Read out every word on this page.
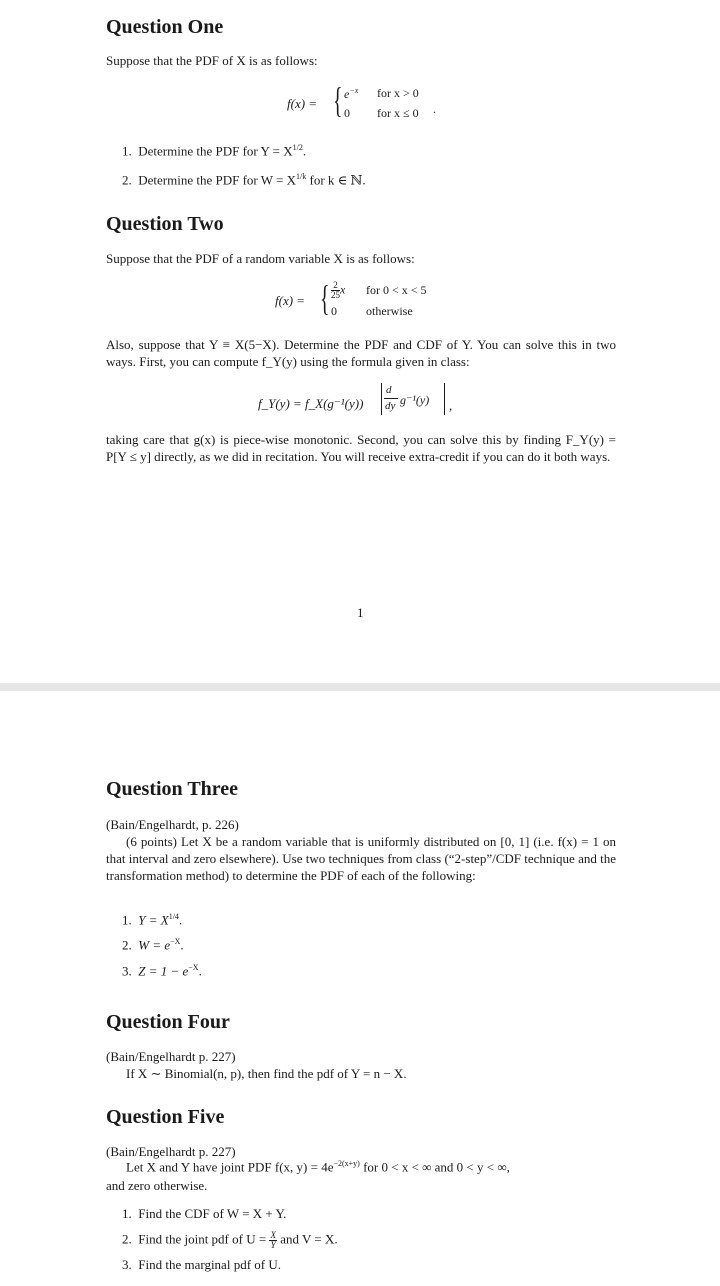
Question One

Suppose that the PDF of X is as follows:

f(x) = { $e^{-x}$ for x > 0
0 for x ≤ 0 .
1. Determine the PDF for $Y = X^{1/2}$.
2. Determine the PDF for $W = X^{1/k}$ for k ∈ ℕ.
Question Two

Suppose that the PDF of a random variable X is as follows:

f(x) = { $\frac{2}{25}$ x for 0 < x < 5
0 otherwise

Also, suppose that Y ≡ X(5−X). Determine the PDF and CDF of Y. You can solve this in two ways. First, you can compute f_Y(y) using the formula given in class:

f_Y(y) = f_X(g⁻¹(y))
d
dy g⁻¹(y) ,

taking care that g(x) is piece-wise monotonic. Second, you can solve this by finding F_Y(y) = P[Y ≤ y] directly, as we did in recitation. You will receive extra-credit if you can do it both ways.

1
Question Three

(Bain/Engelhardt, p. 226)

(6 points) Let X be a random variable that is uniformly distributed on [0, 1] (i.e. f(x) = 1 on that interval and zero elsewhere). Use two techniques from class (“2-step”/CDF technique and the transformation method) to determine the PDF of each of the following:

1. $Y = X^{1/4}$.
2. $W = e^{-X}$.
3. $Z = 1 - e^{-X}$.
Question Four

(Bain/Engelhardt p. 227)

If X ∼ Binomial(n, p), then find the pdf of Y = n − X.

Question Five

(Bain/Engelhardt p. 227)

Let X and Y have joint PDF f(x, $y) = 4e^{-2(x+y)}$ for 0 < x < ∞ and 0 < y < ∞,

and zero otherwise.

1. Find the CDF of W = X + Y.
2. Find the joint pdf of $U = \frac{X}{Y}$ and V = X.
3. Find the marginal pdf of U.
